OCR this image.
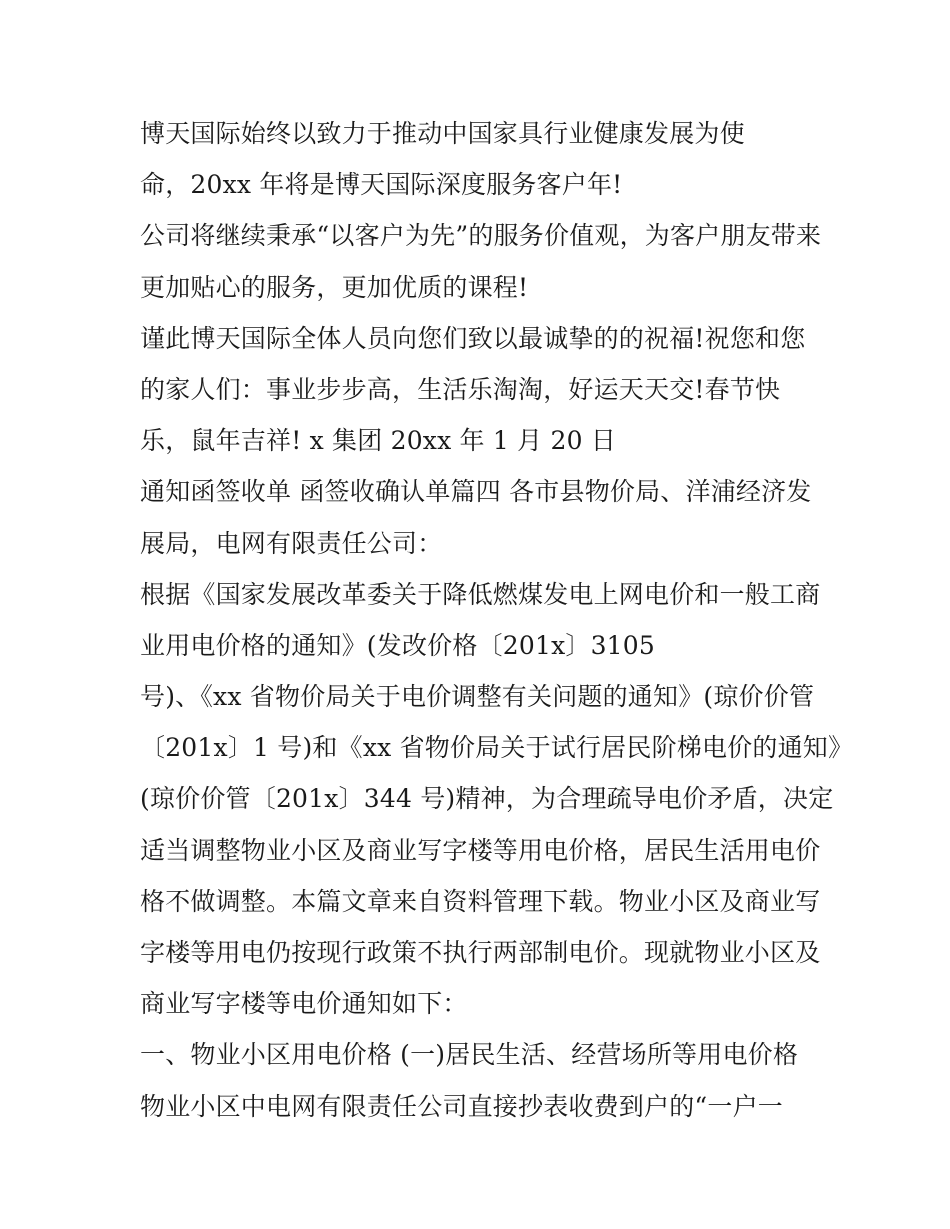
博天国际始终以致力于推动中国家具行业健康发展为使
命，20xx 年将是博天国际深度服务客户年!
公司将继续秉承“以客户为先”的服务价值观，为客户朋友带来
更加贴心的服务，更加优质的课程!
谨此博天国际全体人员向您们致以最诚挚的的祝福!祝您和您
的家人们：事业步步高，生活乐淘淘，好运天天交!春节快
乐，鼠年吉祥! x 集团 20xx 年 1 月 20 日
通知函签收单 函签收确认单篇四 各市县物价局、洋浦经济发
展局，电网有限责任公司：
根据《国家发展改革委关于降低燃煤发电上网电价和一般工商
业用电价格的通知》(发改价格〔201x〕3105
号)、《xx 省物价局关于电价调整有关问题的通知》(琼价价管
〔201x〕1 号)和《xx 省物价局关于试行居民阶梯电价的通知》
(琼价价管〔201x〕344 号)精神，为合理疏导电价矛盾，决定
适当调整物业小区及商业写字楼等用电价格，居民生活用电价
格不做调整。本篇文章来自资料管理下载。物业小区及商业写
字楼等用电仍按现行政策不执行两部制电价。现就物业小区及
商业写字楼等电价通知如下：
一、物业小区用电价格 (一)居民生活、经营场所等用电价格
物业小区中电网有限责任公司直接抄表收费到户的“一户一
